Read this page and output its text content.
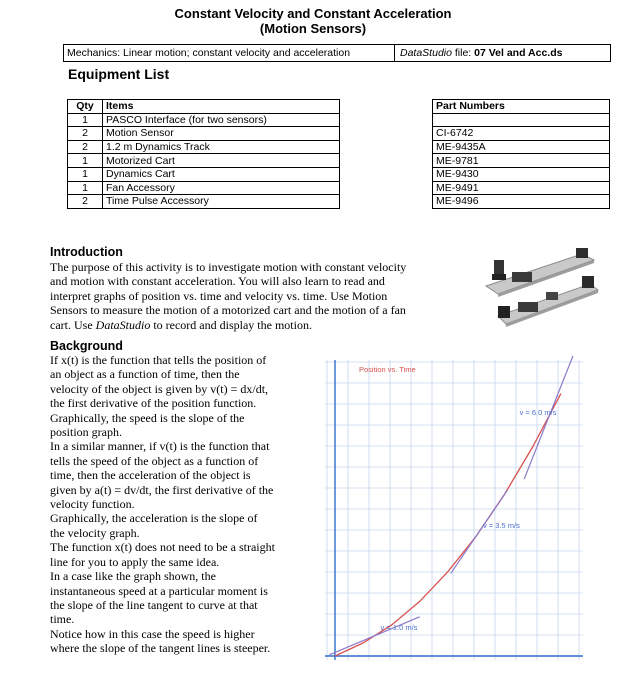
Constant Velocity and Constant Acceleration
(Motion Sensors)
Mechanics: Linear motion; constant velocity and acceleration	DataStudio file: 07 Vel and Acc.ds
Equipment List
Qty	Items		Part Numbers
1	PASCO Interface (for two sensors)		
2	Motion Sensor		CI-6742
2	1.2 m Dynamics Track		ME-9435A
1	Motorized Cart		ME-9781
1	Dynamics Cart		ME-9430
1	Fan Accessory		ME-9491
2	Time Pulse Accessory		ME-9496
Introduction
The purpose of this activity is to investigate motion with constant velocity
and motion with constant acceleration. You will also learn to read and
interpret graphs of position vs. time and velocity vs. time. Use Motion
Sensors to measure the motion of a motorized cart and the motion of a fan
cart. Use DataStudio to record and display the motion.
Background
If x(t) is the function that tells the position of
an object as a function of time, then the
velocity of the object is given by v(t) = dx/dt,
the first derivative of the position function.
Graphically, the speed is the slope of the
position graph.
In a similar manner, if v(t) is the function that
tells the speed of the object as a function of
time, then the acceleration of the object is
given by a(t) = dv/dt, the first derivative of the
velocity function.
Graphically, the acceleration is the slope of
the velocity graph.
The function x(t) does not need to be a straight
line for you to apply the same idea.
In a case like the graph shown, the
instantaneous speed at a particular moment is
the slope of the line tangent to curve at that
time.
Notice how in this case the speed is higher
where the slope of the tangent lines is steeper.
Position vs. Time
v = 1.0 m/s
v = 3.5 m/s
v = 6.0 m/s
